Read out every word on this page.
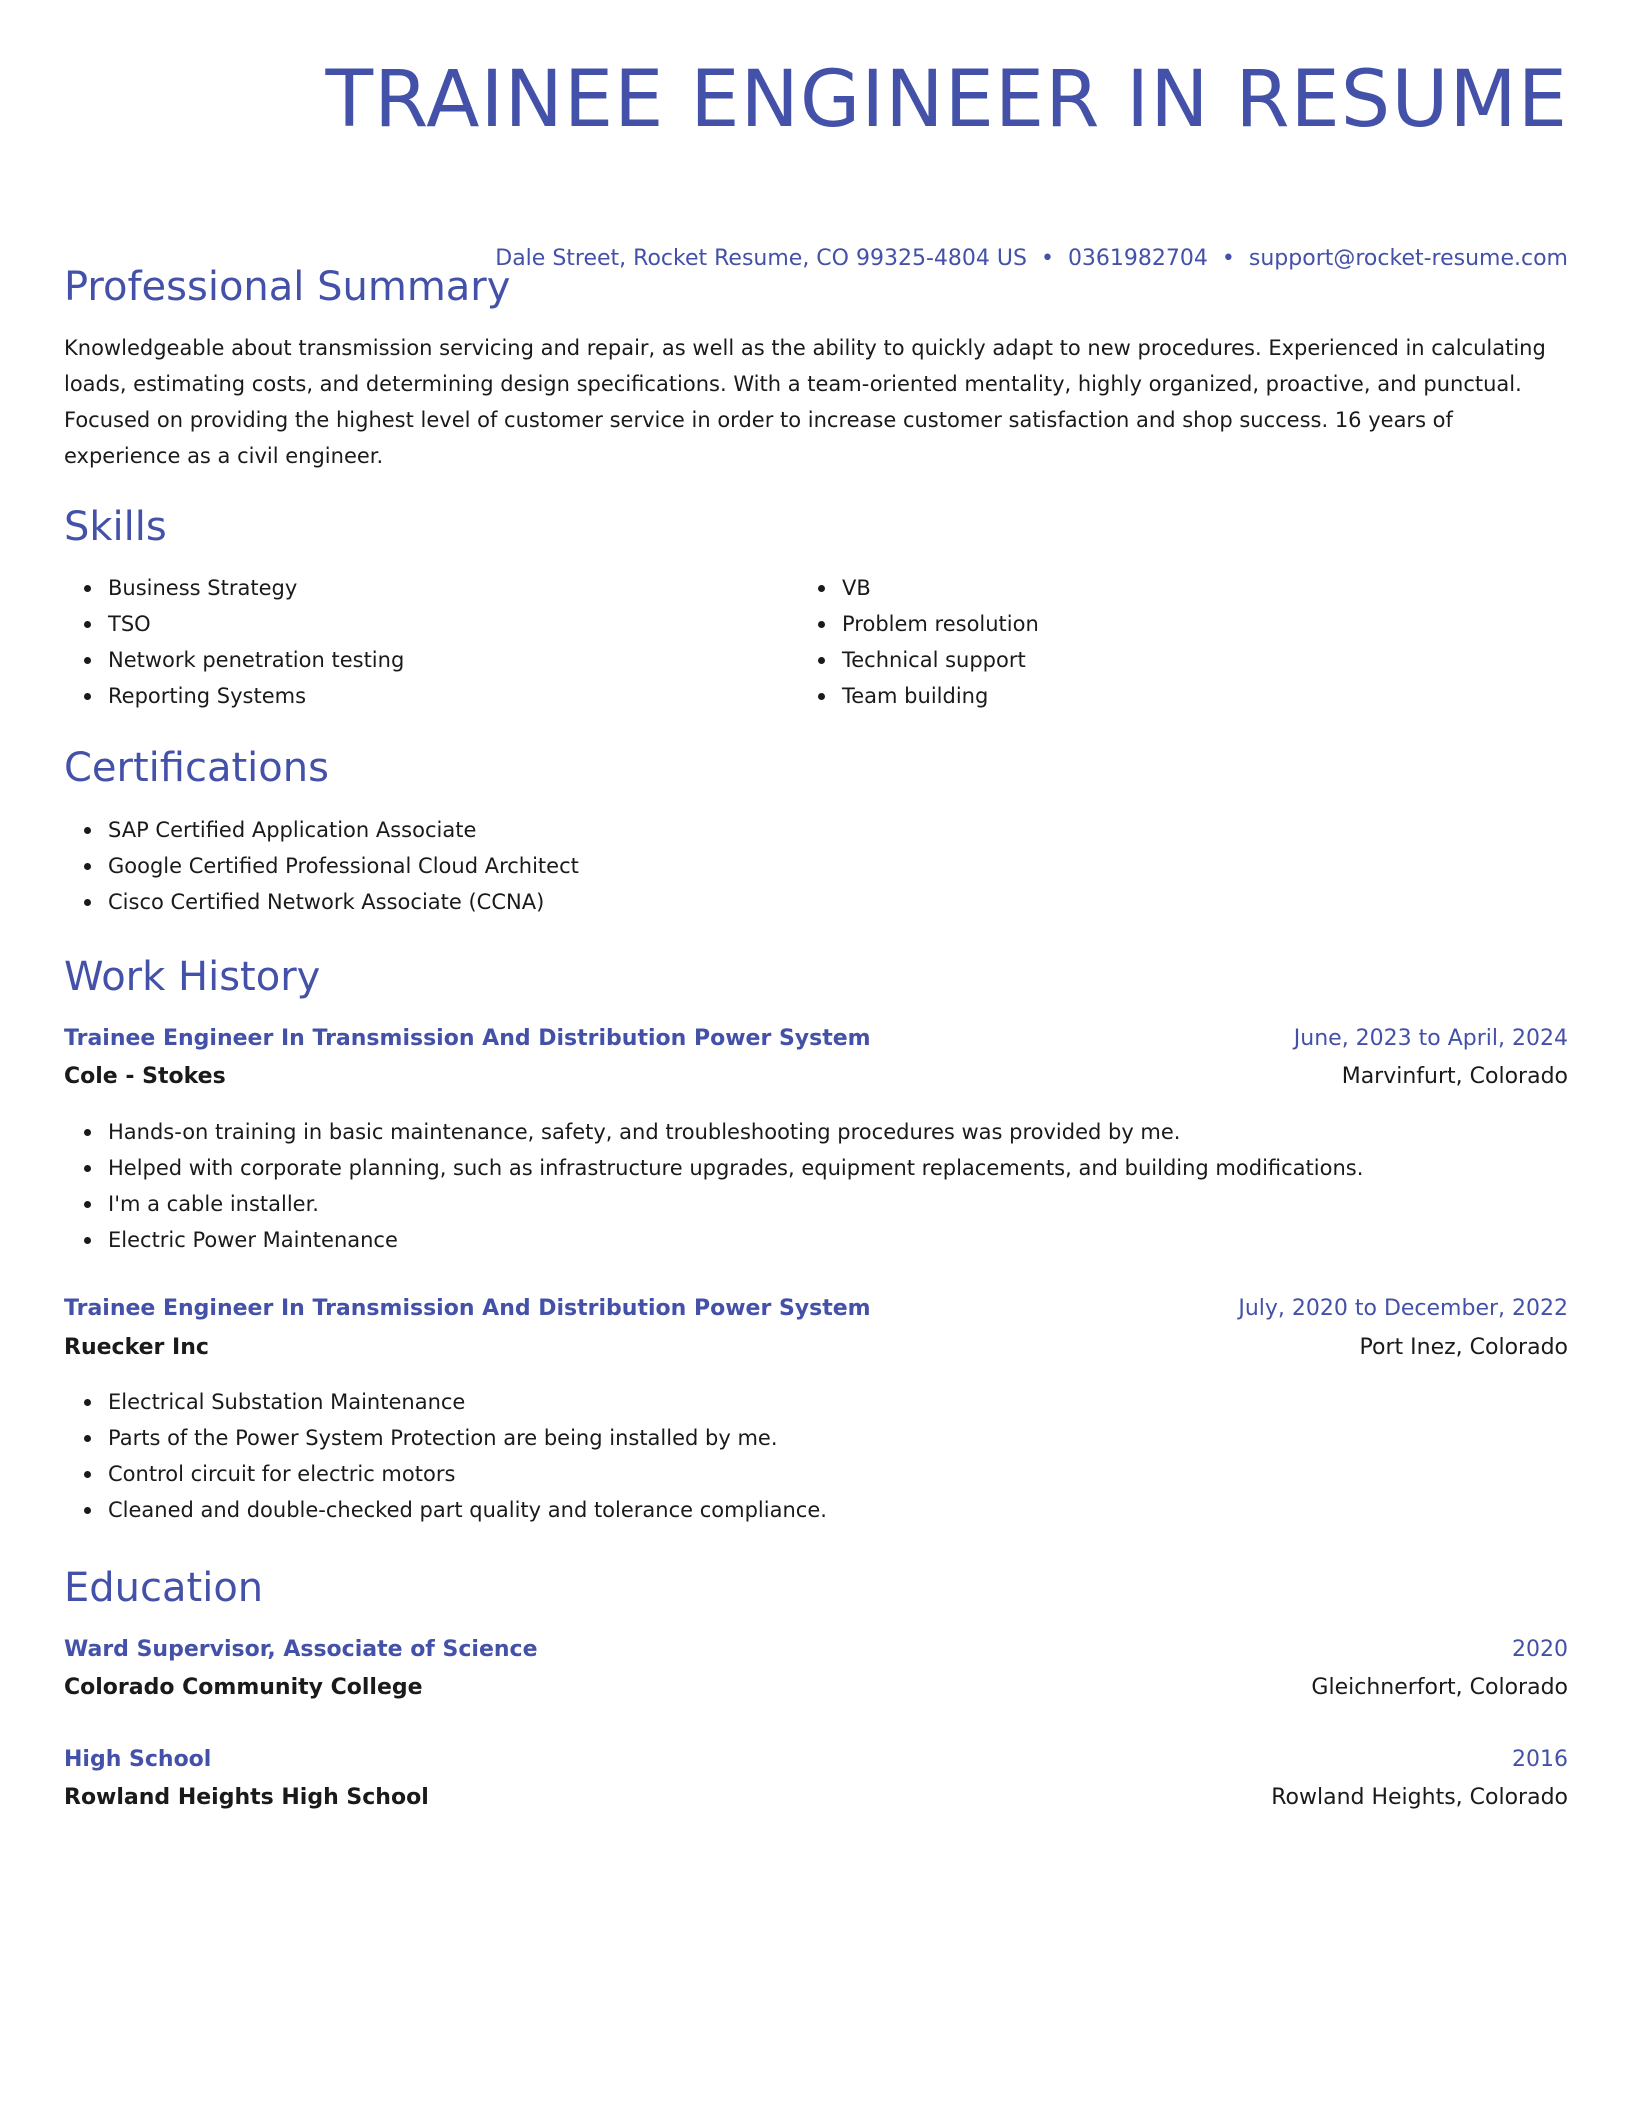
TRAINEE ENGINEER IN RESUME
Dale Street, Rocket Resume, CO 99325-4804 US • 0361982704 • support@rocket-resume.com
Professional Summary
Knowledgeable about transmission servicing and repair, as well as the ability to quickly adapt to new procedures. Experienced in calculating loads, estimating costs, and determining design specifications. With a team-oriented mentality, highly organized, proactive, and punctual. Focused on providing the highest level of customer service in order to increase customer satisfaction and shop success. 16 years of experience as a civil engineer.
Skills
Business Strategy
TSO
Network penetration testing
Reporting Systems
VB
Problem resolution
Technical support
Team building
Certifications
SAP Certified Application Associate
Google Certified Professional Cloud Architect
Cisco Certified Network Associate (CCNA)
Work History
Trainee Engineer In Transmission And Distribution Power System	June, 2023 to April, 2024
Cole - Stokes	Marvinfurt, Colorado
Hands-on training in basic maintenance, safety, and troubleshooting procedures was provided by me.
Helped with corporate planning, such as infrastructure upgrades, equipment replacements, and building modifications.
I'm a cable installer.
Electric Power Maintenance
Trainee Engineer In Transmission And Distribution Power System	July, 2020 to December, 2022
Ruecker Inc	Port Inez, Colorado
Electrical Substation Maintenance
Parts of the Power System Protection are being installed by me.
Control circuit for electric motors
Cleaned and double-checked part quality and tolerance compliance.
Education
Ward Supervisor, Associate of Science	2020
Colorado Community College	Gleichnerfort, Colorado
High School	2016
Rowland Heights High School	Rowland Heights, Colorado
